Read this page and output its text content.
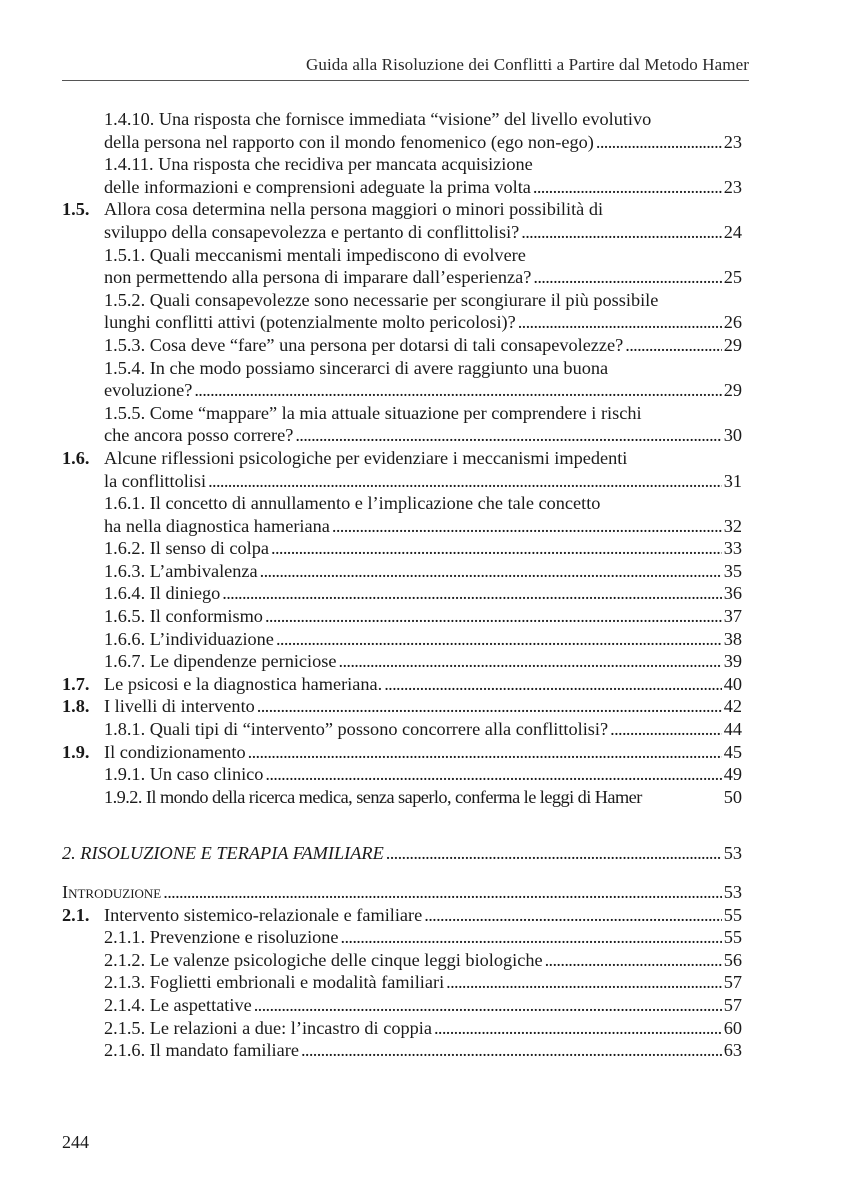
Guida alla Risoluzione dei Conflitti a Partire dal Metodo Hamer
1.4.10. Una risposta che fornisce immediata “visione” del livello evolutivo
della persona nel rapporto con il mondo fenomenico (ego non-ego) . . .	23
1.4.11. Una risposta che recidiva per mancata acquisizione
delle informazioni e comprensioni adeguate la prima volta . . .	23
1.5. Allora cosa determina nella persona maggiori o minori possibilità di
sviluppo della consapevolezza e pertanto di conflittolisi? . . .	24
1.5.1. Quali meccanismi mentali impediscono di evolvere
non permettendo alla persona di imparare dall’esperienza? . . .	25
1.5.2. Quali consapevolezze sono necessarie per scongiurare il più possibile
lunghi conflitti attivi (potenzialmente molto pericolosi)? . . .	26
1.5.3. Cosa deve “fare” una persona per dotarsi di tali consapevolezze? . . .	29
1.5.4. In che modo possiamo sincerarci di avere raggiunto una buona
evoluzione? . . .	29
1.5.5. Come “mappare” la mia attuale situazione per comprendere i rischi
che ancora posso correre? . . .	30
1.6. Alcune riflessioni psicologiche per evidenziare i meccanismi impedenti
la conflittolisi . . .	31
1.6.1. Il concetto di annullamento e l’implicazione che tale concetto
ha nella diagnostica hameriana . . .	32
1.6.2. Il senso di colpa . . .	33
1.6.3. L’ambivalenza . . .	35
1.6.4. Il diniego . . .	36
1.6.5. Il conformismo . . .	37
1.6.6. L’individuazione . . .	38
1.6.7. Le dipendenze perniciose . . .	39
1.7. Le psicosi e la diagnostica hameriana. . . .	40
1.8. I livelli di intervento . . .	42
1.8.1. Quali tipi di “intervento” possono concorrere alla conflittolisi? . . .	44
1.9. Il condizionamento . . .	45
1.9.1. Un caso clinico . . .	49
1.9.2. Il mondo della ricerca medica, senza saperlo, conferma le leggi di Hamer	50
2. RISOLUZIONE E TERAPIA FAMILIARE . . .	53
Introduzione . . .	53
2.1. Intervento sistemico-relazionale e familiare . . .	55
2.1.1. Prevenzione e risoluzione . . .	55
2.1.2. Le valenze psicologiche delle cinque leggi biologiche . . .	56
2.1.3. Foglietti embrionali e modalità familiari . . .	57
2.1.4. Le aspettative . . .	57
2.1.5. Le relazioni a due: l’incastro di coppia . . .	60
2.1.6. Il mandato familiare . . .	63
244
